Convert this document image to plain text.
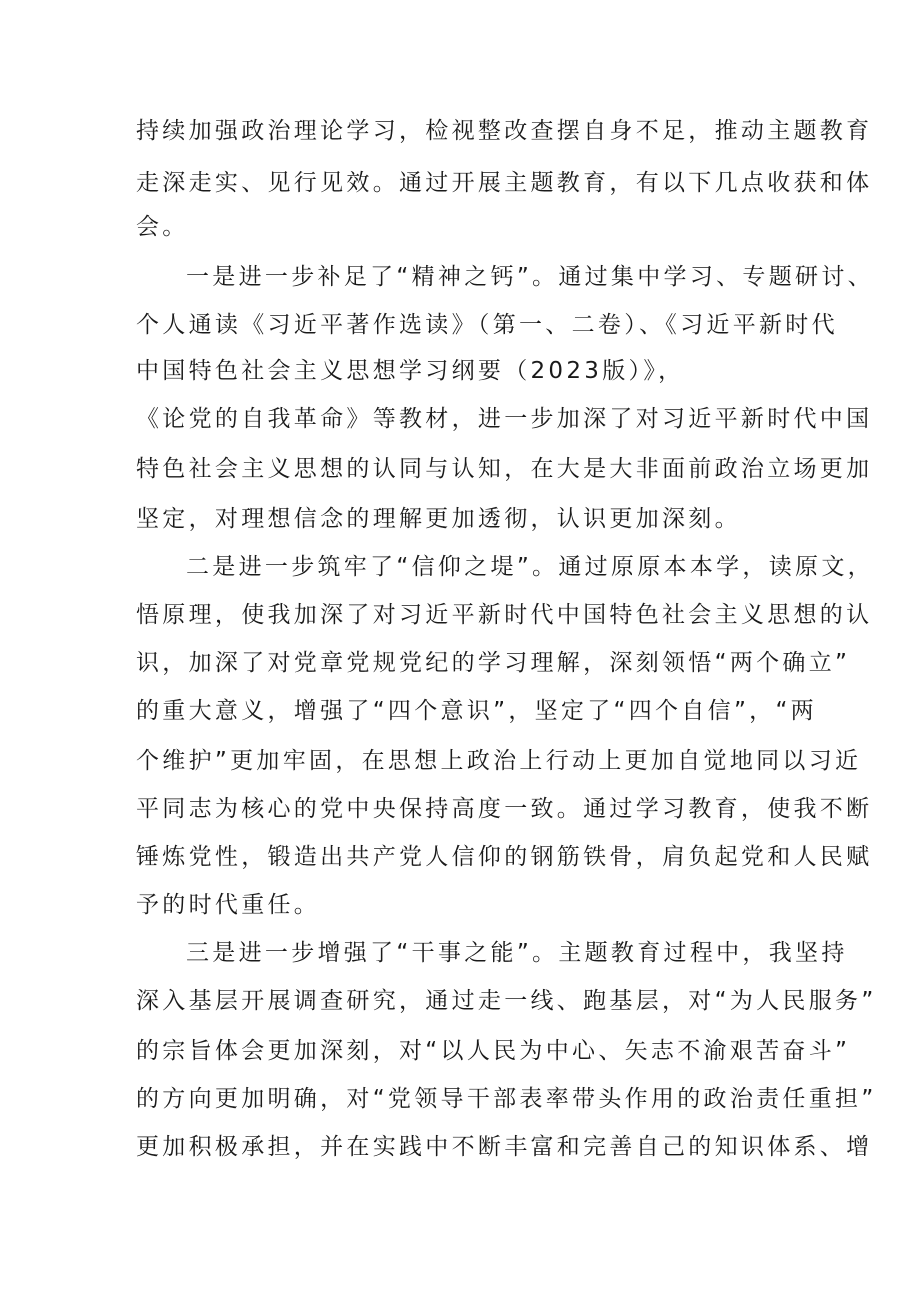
持续加强政治理论学习，检视整改查摆自身不足，推动主题教育
走深走实、见行见效。通过开展主题教育，有以下几点收获和体
会。
一是进一步补足了“精神之钙”。通过集中学习、专题研讨、
个人通读《习近平著作选读》（第一、二卷）、《习近平新时代
中国特色社会主义思想学习纲要（2023版）》，
《论党的自我革命》等教材，进一步加深了对习近平新时代中国
特色社会主义思想的认同与认知，在大是大非面前政治立场更加
坚定，对理想信念的理解更加透彻，认识更加深刻。
二是进一步筑牢了“信仰之堤”。通过原原本本学，读原文，
悟原理，使我加深了对习近平新时代中国特色社会主义思想的认
识，加深了对党章党规党纪的学习理解，深刻领悟“两个确立”
的重大意义，增强了“四个意识”，坚定了“四个自信”，“两
个维护”更加牢固，在思想上政治上行动上更加自觉地同以习近
平同志为核心的党中央保持高度一致。通过学习教育，使我不断
锤炼党性，锻造出共产党人信仰的钢筋铁骨，肩负起党和人民赋
予的时代重任。
三是进一步增强了“干事之能”。主题教育过程中，我坚持
深入基层开展调查研究，通过走一线、跑基层，对“为人民服务”
的宗旨体会更加深刻，对“以人民为中心、矢志不渝艰苦奋斗”
的方向更加明确，对“党领导干部表率带头作用的政治责任重担”
更加积极承担，并在实践中不断丰富和完善自己的知识体系、增
